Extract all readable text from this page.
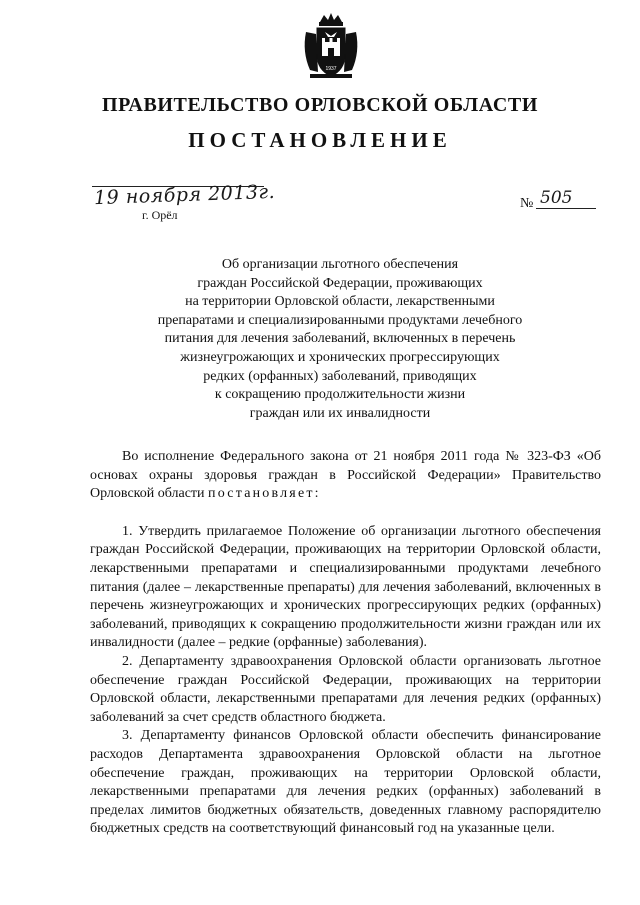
1937
ПРАВИТЕЛЬСТВО ОРЛОВСКОЙ ОБЛАСТИ
ПОСТАНОВЛЕНИЕ
19 ноября 2013г.
г. Орёл
№ 505
Об организации льготного обеспечения
граждан Российской Федерации, проживающих
на территории Орловской области, лекарственными
препаратами и специализированными продуктами лечебного
питания для лечения заболеваний, включенных в перечень
жизнеугрожающих и хронических прогрессирующих
редких (орфанных) заболеваний, приводящих
к сокращению продолжительности жизни
граждан или их инвалидности

Во исполнение Федерального закона от 21 ноября 2011 года № 323-ФЗ «Об основах охраны здоровья граждан в Российской Федерации» Правительство Орловской области постановляет:

1. Утвердить прилагаемое Положение об организации льготного обеспечения граждан Российской Федерации, проживающих на территории Орловской области, лекарственными препаратами и специализированными продуктами лечебного питания (далее – лекарственные препараты) для лечения заболеваний, включенных в перечень жизнеугрожающих и хронических прогрессирующих редких (орфанных) заболеваний, приводящих к сокращению продолжительности жизни граждан или их инвалидности (далее – редкие (орфанные) заболевания).

2. Департаменту здравоохранения Орловской области организовать льготное обеспечение граждан Российской Федерации, проживающих на территории Орловской области, лекарственными препаратами для лечения редких (орфанных) заболеваний за счет средств областного бюджета.

3. Департаменту финансов Орловской области обеспечить финансирование расходов Департамента здравоохранения Орловской области на льготное обеспечение граждан, проживающих на территории Орловской области, лекарственными препаратами для лечения редких (орфанных) заболеваний в пределах лимитов бюджетных обязательств, доведенных главному распорядителю бюджетных средств на соответствующий финансовый год на указанные цели.
